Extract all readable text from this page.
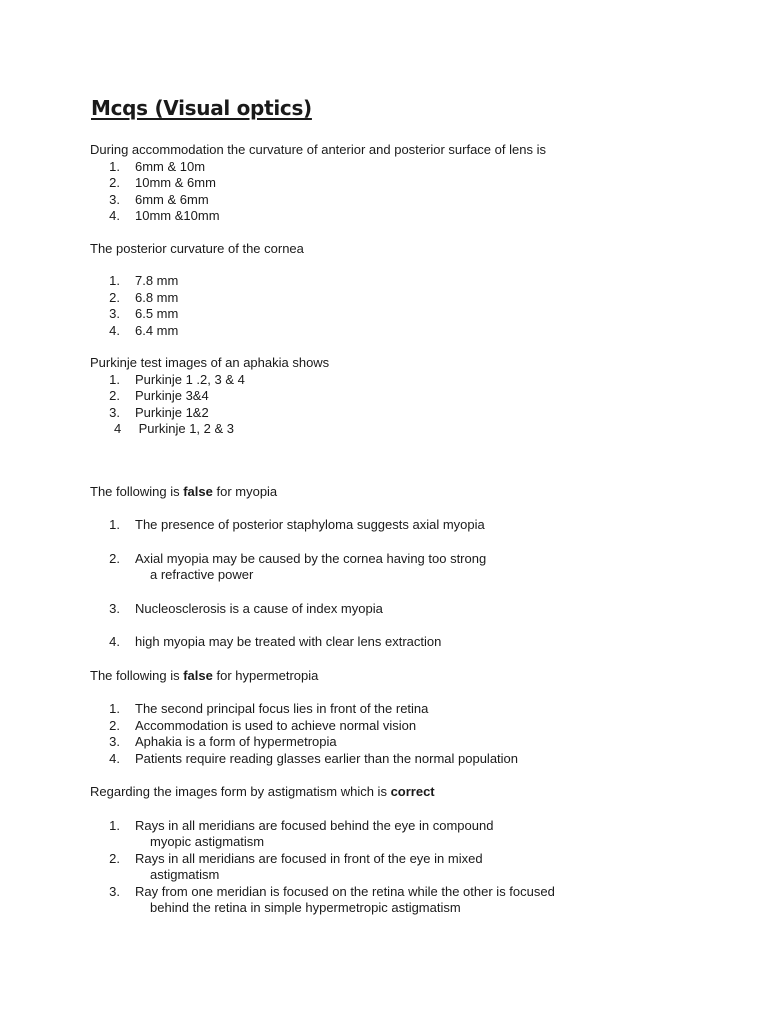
Mcqs (Visual optics)

During accommodation the curvature of anterior and posterior surface of lens is

1.	6mm & 10m
2.	10mm & 6mm
3.	6mm & 6mm
4.	10mm &10mm

The posterior curvature of the cornea

1.	7.8 mm
2.	6.8 mm
3.	6.5 mm
4.	6.4 mm

Purkinje test images of an aphakia shows

1.	Purkinje 1 .2, 3 & 4
2.	Purkinje 3&4
3.	Purkinje 1&2
4	Purkinje 1, 2 & 3

The following is false for myopia

1.	The presence of posterior staphyloma suggests axial myopia
2.	Axial myopia may be caused by the cornea having too strong
a refractive power
3.	Nucleosclerosis is a cause of index myopia
4.	high myopia may be treated with clear lens extraction

The following is false for hypermetropia

1.	The second principal focus lies in front of the retina
2.	Accommodation is used to achieve normal vision
3.	Aphakia is a form of hypermetropia
4.	Patients require reading glasses earlier than the normal population

Regarding the images form by astigmatism which is correct

1.	Rays in all meridians are focused behind the eye in compound
myopic astigmatism
2.	Rays in all meridians are focused in front of the eye in mixed
astigmatism
3.	Ray from one meridian is focused on the retina while the other is focused
behind the retina in simple hypermetropic astigmatism
